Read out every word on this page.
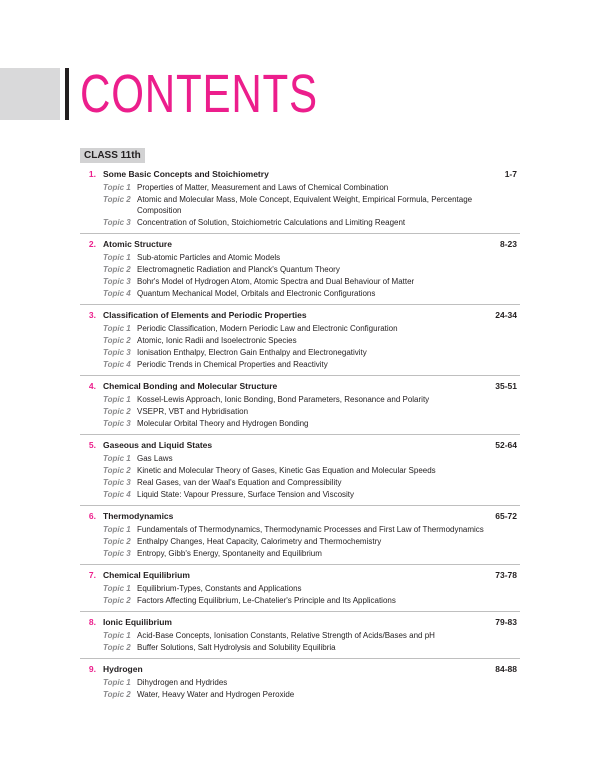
CONTENTS
CLASS 11th
1. Some Basic Concepts and Stoichiometry	1-7
Topic 1 Properties of Matter, Measurement and Laws of Chemical Combination
Topic 2 Atomic and Molecular Mass, Mole Concept, Equivalent Weight, Empirical Formula, Percentage Composition
Topic 3 Concentration of Solution, Stoichiometric Calculations and Limiting Reagent
2. Atomic Structure	8-23
Topic 1 Sub-atomic Particles and Atomic Models
Topic 2 Electromagnetic Radiation and Planck's Quantum Theory
Topic 3 Bohr's Model of Hydrogen Atom, Atomic Spectra and Dual Behaviour of Matter
Topic 4 Quantum Mechanical Model, Orbitals and Electronic Configurations
3. Classification of Elements and Periodic Properties	24-34
Topic 1 Periodic Classification, Modern Periodic Law and Electronic Configuration
Topic 2 Atomic, Ionic Radii and Isoelectronic Species
Topic 3 Ionisation Enthalpy, Electron Gain Enthalpy and Electronegativity
Topic 4 Periodic Trends in Chemical Properties and Reactivity
4. Chemical Bonding and Molecular Structure	35-51
Topic 1 Kossel-Lewis Approach, Ionic Bonding, Bond Parameters, Resonance and Polarity
Topic 2 VSEPR, VBT and Hybridisation
Topic 3 Molecular Orbital Theory and Hydrogen Bonding
5. Gaseous and Liquid States	52-64
Topic 1 Gas Laws
Topic 2 Kinetic and Molecular Theory of Gases, Kinetic Gas Equation and Molecular Speeds
Topic 3 Real Gases, van der Waal's Equation and Compressibility
Topic 4 Liquid State: Vapour Pressure, Surface Tension and Viscosity
6. Thermodynamics	65-72
Topic 1 Fundamentals of Thermodynamics, Thermodynamic Processes and First Law of Thermodynamics
Topic 2 Enthalpy Changes, Heat Capacity, Calorimetry and Thermochemistry
Topic 3 Entropy, Gibb's Energy, Spontaneity and Equilibrium
7. Chemical Equilibrium	73-78
Topic 1 Equilibrium-Types, Constants and Applications
Topic 2 Factors Affecting Equilibrium, Le-Chatelier's Principle and Its Applications
8. Ionic Equilibrium	79-83
Topic 1 Acid-Base Concepts, Ionisation Constants, Relative Strength of Acids/Bases and pH
Topic 2 Buffer Solutions, Salt Hydrolysis and Solubility Equilibria
9. Hydrogen	84-88
Topic 1 Dihydrogen and Hydrides
Topic 2 Water, Heavy Water and Hydrogen Peroxide
